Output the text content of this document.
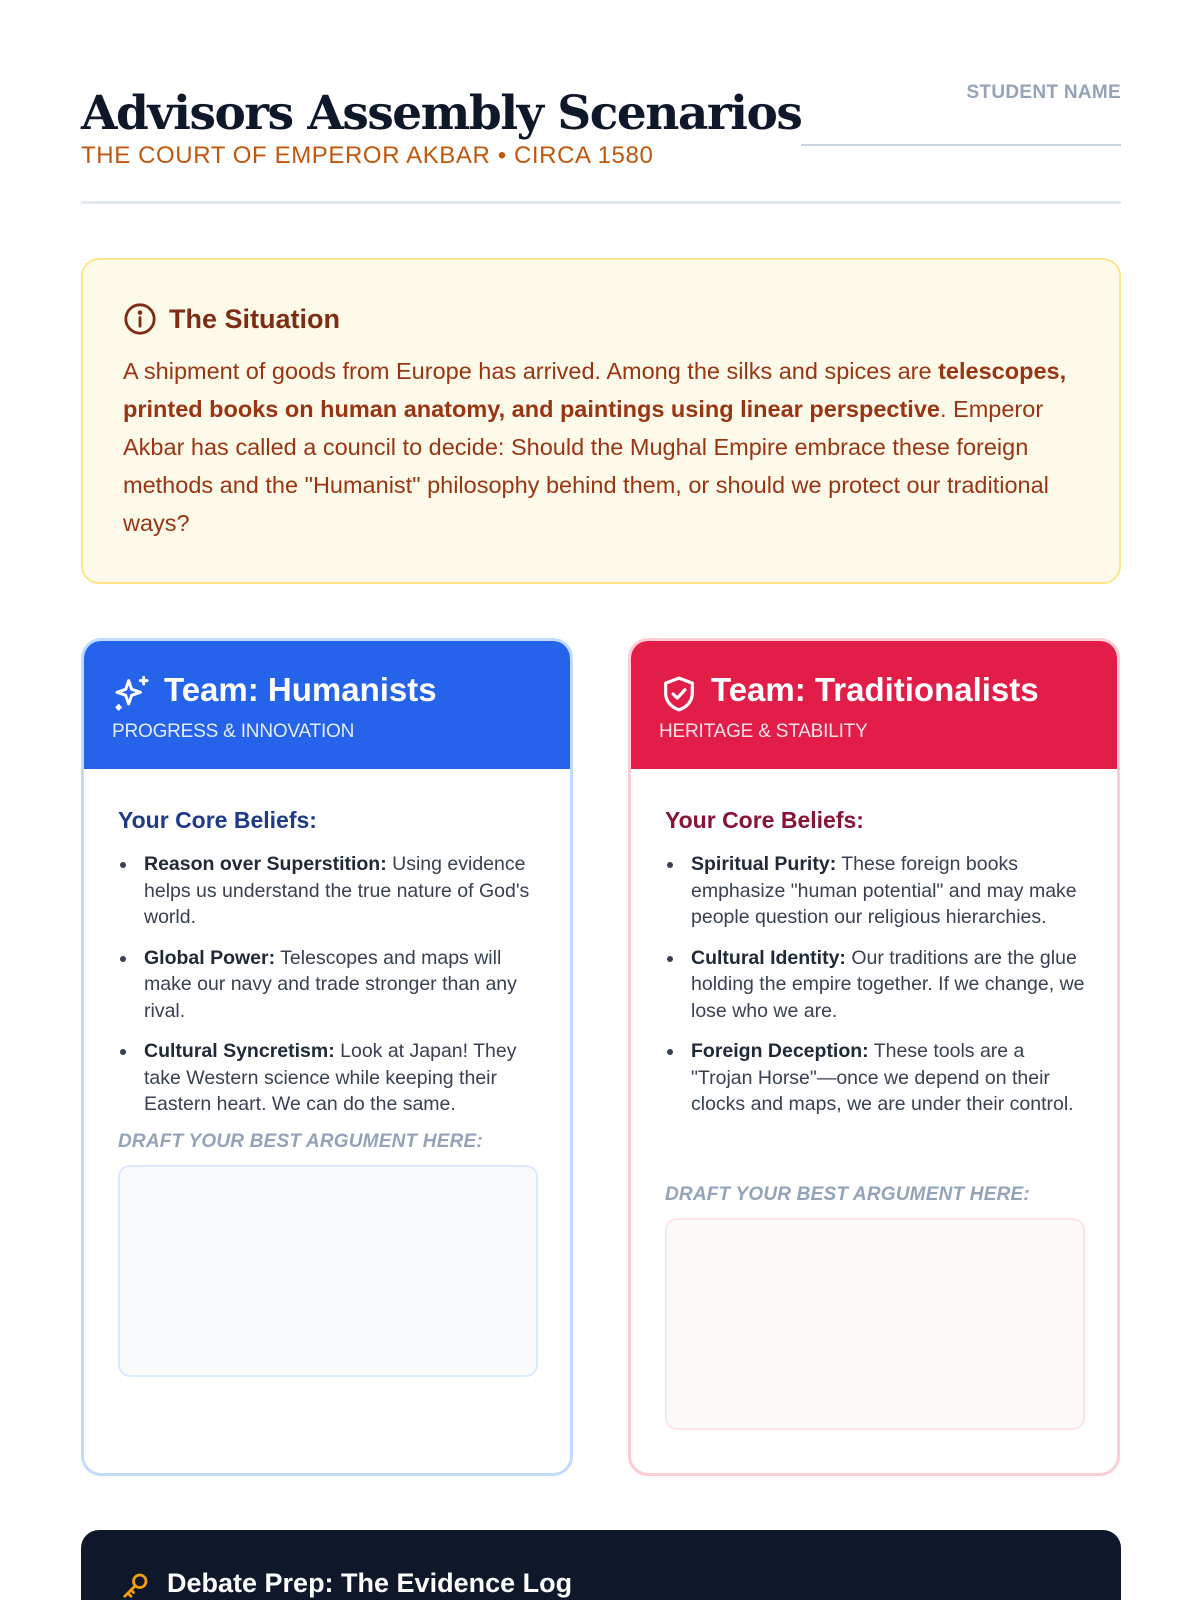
Advisors Assembly Scenarios
THE COURT OF EMPEROR AKBAR • CIRCA 1580
STUDENT NAME
The Situation

A shipment of goods from Europe has arrived. Among the silks and spices are telescopes, printed books on human anatomy, and paintings using linear perspective. Emperor Akbar has called a council to decide: Should the Mughal Empire embrace these foreign methods and the "Humanist" philosophy behind them, or should we protect our traditional ways?

Team: Humanists
PROGRESS & INNOVATION
Your Core Beliefs:
Reason over Superstition: Using evidence helps us understand the true nature of God's world.
Global Power: Telescopes and maps will make our navy and trade stronger than any rival.
Cultural Syncretism: Look at Japan! They take Western science while keeping their Eastern heart. We can do the same.
DRAFT YOUR BEST ARGUMENT HERE:
Team: Traditionalists
HERITAGE & STABILITY
Your Core Beliefs:
Spiritual Purity: These foreign books emphasize "human potential" and may make people question our religious hierarchies.
Cultural Identity: Our traditions are the glue holding the empire together. If we change, we lose who we are.
Foreign Deception: These tools are a "Trojan Horse"—once we depend on their clocks and maps, we are under their control.
DRAFT YOUR BEST ARGUMENT HERE:
Debate Prep: The Evidence Log
